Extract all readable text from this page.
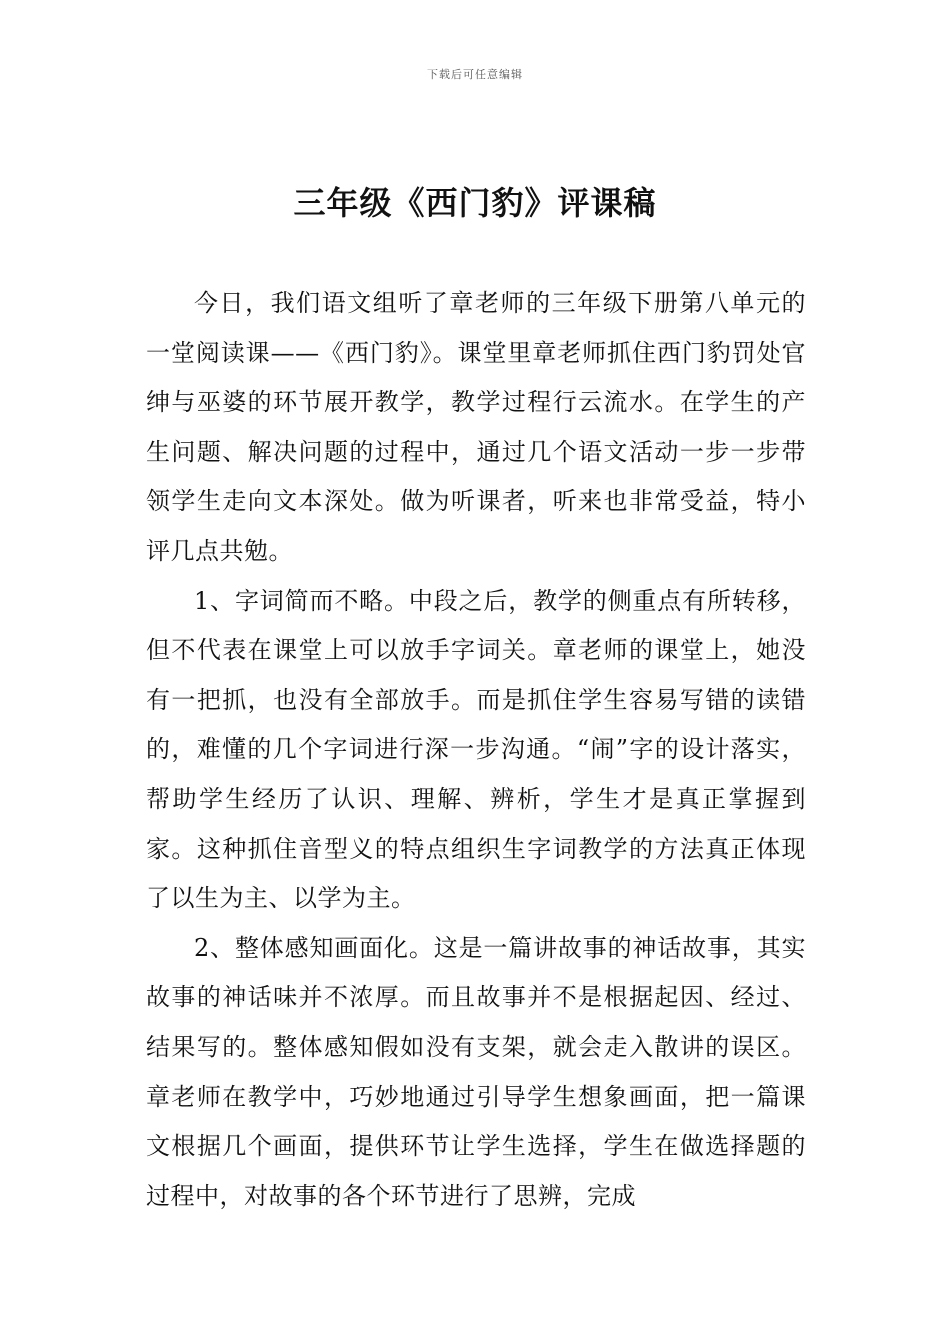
下载后可任意编辑
三年级《西门豹》评课稿

今日，我们语文组听了章老师的三年级下册第八单元的一堂阅读课——《西门豹》。课堂里章老师抓住西门豹罚处官绅与巫婆的环节展开教学，教学过程行云流水。在学生的产生问题、解决问题的过程中，通过几个语文活动一步一步带领学生走向文本深处。做为听课者，听来也非常受益，特小评几点共勉。

1、字词简而不略。中段之后，教学的侧重点有所转移，但不代表在课堂上可以放手字词关。章老师的课堂上，她没有一把抓，也没有全部放手。而是抓住学生容易写错的读错的，难懂的几个字词进行深一步沟通。“闹”字的设计落实，帮助学生经历了认识、理解、辨析，学生才是真正掌握到家。这种抓住音型义的特点组织生字词教学的方法真正体现了以生为主、以学为主。

2、整体感知画面化。这是一篇讲故事的神话故事，其实故事的神话味并不浓厚。而且故事并不是根据起因、经过、结果写的。整体感知假如没有支架，就会走入散讲的误区。章老师在教学中，巧妙地通过引导学生想象画面，把一篇课文根据几个画面，提供环节让学生选择，学生在做选择题的过程中，对故事的各个环节进行了思辨，完成
